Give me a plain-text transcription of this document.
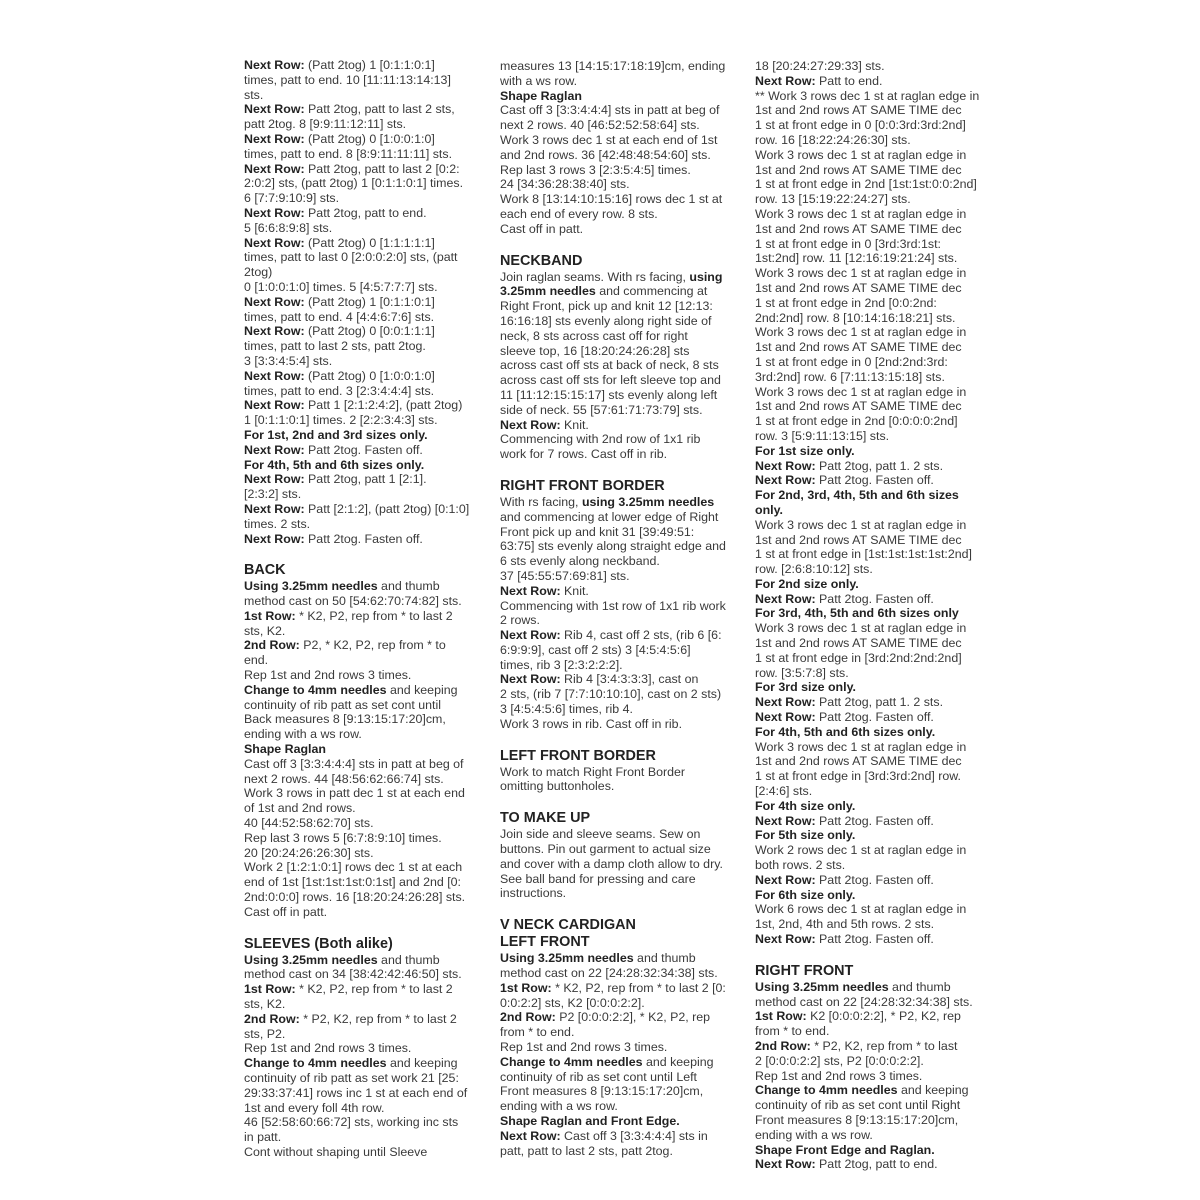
Next Row: (Patt 2tog) 1 [0:1:1:0:1]
times, patt to end. 10 [11:11:13:14:13]
sts.

Next Row: Patt 2tog, patt to last 2 sts,
patt 2tog. 8 [9:9:11:12:11] sts.

Next Row: (Patt 2tog) 0 [1:0:0:1:0]
times, patt to end. 8 [8:9:11:11:11] sts.

Next Row: Patt 2tog, patt to last 2 [0:2:
2:0:2] sts, (patt 2tog) 1 [0:1:1:0:1] times.
6 [7:7:9:10:9] sts.

Next Row: Patt 2tog, patt to end.
5 [6:6:8:9:8] sts.

Next Row: (Patt 2tog) 0 [1:1:1:1:1]
times, patt to last 0 [2:0:0:2:0] sts, (patt
2tog)
0 [1:0:0:1:0] times. 5 [4:5:7:7:7] sts.

Next Row: (Patt 2tog) 1 [0:1:1:0:1]
times, patt to end. 4 [4:4:6:7:6] sts.

Next Row: (Patt 2tog) 0 [0:0:1:1:1]
times, patt to last 2 sts, patt 2tog.
3 [3:3:4:5:4] sts.

Next Row: (Patt 2tog) 0 [1:0:0:1:0]
times, patt to end. 3 [2:3:4:4:4] sts.

Next Row: Patt 1 [2:1:2:4:2], (patt 2tog)
1 [0:1:1:0:1] times. 2 [2:2:3:4:3] sts.

For 1st, 2nd and 3rd sizes only.

Next Row: Patt 2tog. Fasten off.

For 4th, 5th and 6th sizes only.

Next Row: Patt 2tog, patt 1 [2:1].
[2:3:2] sts.

Next Row: Patt [2:1:2], (patt 2tog) [0:1:0]
times. 2 sts.

Next Row: Patt 2tog. Fasten off.

BACK

Using 3.25mm needles and thumb
method cast on 50 [54:62:70:74:82] sts.

1st Row: * K2, P2, rep from * to last 2
sts, K2.

2nd Row: P2, * K2, P2, rep from * to
end.

Rep 1st and 2nd rows 3 times.

Change to 4mm needles and keeping
continuity of rib patt as set cont until
Back measures 8 [9:13:15:17:20]cm,
ending with a ws row.

Shape Raglan

Cast off 3 [3:3:4:4:4] sts in patt at beg of
next 2 rows. 44 [48:56:62:66:74] sts.
Work 3 rows in patt dec 1 st at each end
of 1st and 2nd rows.
40 [44:52:58:62:70] sts.
Rep last 3 rows 5 [6:7:8:9:10] times.
20 [20:24:26:26:30] sts.
Work 2 [1:2:1:0:1] rows dec 1 st at each
end of 1st [1st:1st:1st:0:1st] and 2nd [0:
2nd:0:0:0] rows. 16 [18:20:24:26:28] sts.
Cast off in patt.

SLEEVES (Both alike)

Using 3.25mm needles and thumb
method cast on 34 [38:42:42:46:50] sts.

1st Row: * K2, P2, rep from * to last 2
sts, K2.

2nd Row: * P2, K2, rep from * to last 2
sts, P2.

Rep 1st and 2nd rows 3 times.

Change to 4mm needles and keeping
continuity of rib patt as set work 21 [25:
29:33:37:41] rows inc 1 st at each end of
1st and every foll 4th row.
46 [52:58:60:66:72] sts, working inc sts
in patt.
Cont without shaping until Sleeve

measures 13 [14:15:17:18:19]cm, ending
with a ws row.

Shape Raglan

Cast off 3 [3:3:4:4:4] sts in patt at beg of
next 2 rows. 40 [46:52:52:58:64] sts.
Work 3 rows dec 1 st at each end of 1st
and 2nd rows. 36 [42:48:48:54:60] sts.
Rep last 3 rows 3 [2:3:5:4:5] times.
24 [34:36:28:38:40] sts.
Work 8 [13:14:10:15:16] rows dec 1 st at
each end of every row. 8 sts.
Cast off in patt.

NECKBAND

Join raglan seams. With rs facing, using
3.25mm needles and commencing at
Right Front, pick up and knit 12 [12:13:
16:16:18] sts evenly along right side of
neck, 8 sts across cast off for right
sleeve top, 16 [18:20:24:26:28] sts
across cast off sts at back of neck, 8 sts
across cast off sts for left sleeve top and
11 [11:12:15:15:17] sts evenly along left
side of neck. 55 [57:61:71:73:79] sts.

Next Row: Knit.

Commencing with 2nd row of 1x1 rib
work for 7 rows. Cast off in rib.

RIGHT FRONT BORDER

With rs facing, using 3.25mm needles
and commencing at lower edge of Right
Front pick up and knit 31 [39:49:51:
63:75] sts evenly along straight edge and
6 sts evenly along neckband.
37 [45:55:57:69:81] sts.

Next Row: Knit.

Commencing with 1st row of 1x1 rib work
2 rows.

Next Row: Rib 4, cast off 2 sts, (rib 6 [6:
6:9:9:9], cast off 2 sts) 3 [4:5:4:5:6]
times, rib 3 [2:3:2:2:2].

Next Row: Rib 4 [3:4:3:3:3], cast on
2 sts, (rib 7 [7:7:10:10:10], cast on 2 sts)
3 [4:5:4:5:6] times, rib 4.

Work 3 rows in rib. Cast off in rib.

LEFT FRONT BORDER

Work to match Right Front Border
omitting buttonholes.

TO MAKE UP

Join side and sleeve seams. Sew on
buttons. Pin out garment to actual size
and cover with a damp cloth allow to dry.
See ball band for pressing and care
instructions.

V NECK CARDIGAN
LEFT FRONT

Using 3.25mm needles and thumb
method cast on 22 [24:28:32:34:38] sts.

1st Row: * K2, P2, rep from * to last 2 [0:
0:0:2:2] sts, K2 [0:0:0:2:2].

2nd Row: P2 [0:0:0:2:2], * K2, P2, rep
from * to end.

Rep 1st and 2nd rows 3 times.

Change to 4mm needles and keeping
continuity of rib as set cont until Left
Front measures 8 [9:13:15:17:20]cm,
ending with a ws row.

Shape Raglan and Front Edge.

Next Row: Cast off 3 [3:3:4:4:4] sts in
patt, patt to last 2 sts, patt 2tog.

18 [20:24:27:29:33] sts.

Next Row: Patt to end.

** Work 3 rows dec 1 st at raglan edge in
1st and 2nd rows AT SAME TIME dec
1 st at front edge in 0 [0:0:3rd:3rd:2nd]
row. 16 [18:22:24:26:30] sts.
Work 3 rows dec 1 st at raglan edge in
1st and 2nd rows AT SAME TIME dec
1 st at front edge in 2nd [1st:1st:0:0:2nd]
row. 13 [15:19:22:24:27] sts.
Work 3 rows dec 1 st at raglan edge in
1st and 2nd rows AT SAME TIME dec
1 st at front edge in 0 [3rd:3rd:1st:
1st:2nd] row. 11 [12:16:19:21:24] sts.
Work 3 rows dec 1 st at raglan edge in
1st and 2nd rows AT SAME TIME dec
1 st at front edge in 2nd [0:0:2nd:
2nd:2nd] row. 8 [10:14:16:18:21] sts.
Work 3 rows dec 1 st at raglan edge in
1st and 2nd rows AT SAME TIME dec
1 st at front edge in 0 [2nd:2nd:3rd:
3rd:2nd] row. 6 [7:11:13:15:18] sts.
Work 3 rows dec 1 st at raglan edge in
1st and 2nd rows AT SAME TIME dec
1 st at front edge in 2nd [0:0:0:0:2nd]
row. 3 [5:9:11:13:15] sts.

For 1st size only.

Next Row: Patt 2tog, patt 1. 2 sts.

Next Row: Patt 2tog. Fasten off.

For 2nd, 3rd, 4th, 5th and 6th sizes
only.

Work 3 rows dec 1 st at raglan edge in
1st and 2nd rows AT SAME TIME dec
1 st at front edge in [1st:1st:1st:1st:2nd]
row. [2:6:8:10:12] sts.

For 2nd size only.

Next Row: Patt 2tog. Fasten off.

For 3rd, 4th, 5th and 6th sizes only

Work 3 rows dec 1 st at raglan edge in
1st and 2nd rows AT SAME TIME dec
1 st at front edge in [3rd:2nd:2nd:2nd]
row. [3:5:7:8] sts.

For 3rd size only.

Next Row: Patt 2tog, patt 1. 2 sts.

Next Row: Patt 2tog. Fasten off.

For 4th, 5th and 6th sizes only.

Work 3 rows dec 1 st at raglan edge in
1st and 2nd rows AT SAME TIME dec
1 st at front edge in [3rd:3rd:2nd] row.
[2:4:6] sts.

For 4th size only.

Next Row: Patt 2tog. Fasten off.

For 5th size only.

Work 2 rows dec 1 st at raglan edge in
both rows. 2 sts.

Next Row: Patt 2tog. Fasten off.

For 6th size only.

Work 6 rows dec 1 st at raglan edge in
1st, 2nd, 4th and 5th rows. 2 sts.

Next Row: Patt 2tog. Fasten off.

RIGHT FRONT

Using 3.25mm needles and thumb
method cast on 22 [24:28:32:34:38] sts.

1st Row: K2 [0:0:0:2:2], * P2, K2, rep
from * to end.

2nd Row: * P2, K2, rep from * to last
2 [0:0:0:2:2] sts, P2 [0:0:0:2:2].

Rep 1st and 2nd rows 3 times.

Change to 4mm needles and keeping
continuity of rib as set cont until Right
Front measures 8 [9:13:15:17:20]cm,
ending with a ws row.

Shape Front Edge and Raglan.

Next Row: Patt 2tog, patt to end.
